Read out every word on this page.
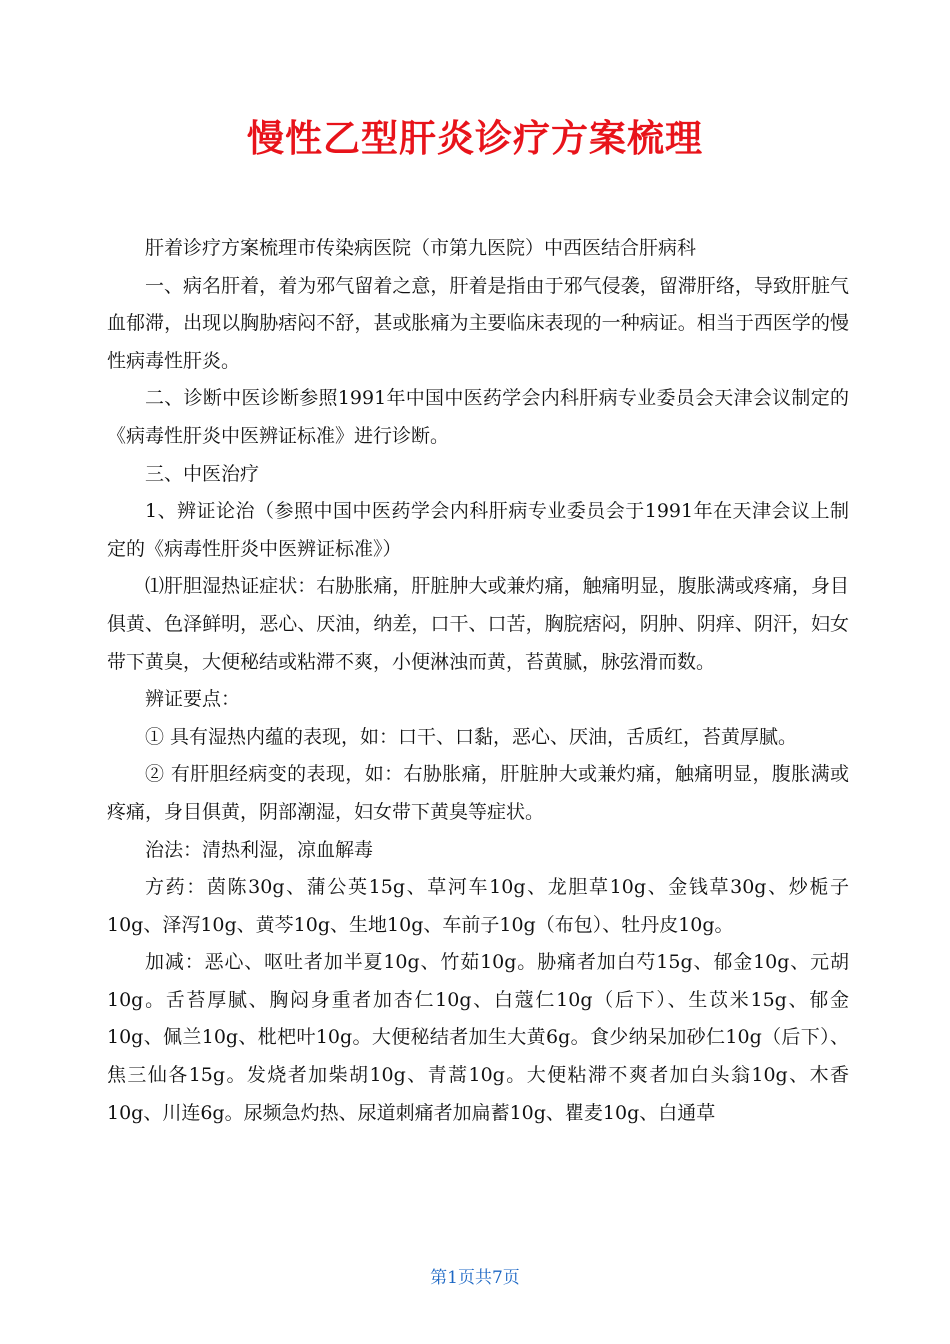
慢性乙型肝炎诊疗方案梳理

肝着诊疗方案梳理市传染病医院（市第九医院）中西医结合肝病科

一、病名肝着，着为邪气留着之意，肝着是指由于邪气侵袭，留滞肝络，导致肝脏气血郁滞，出现以胸胁痞闷不舒，甚或胀痛为主要临床表现的一种病证。相当于西医学的慢性病毒性肝炎。

二、诊断中医诊断参照1991年中国中医药学会内科肝病专业委员会天津会议制定的《病毒性肝炎中医辨证标准》进行诊断。

三、中医治疗

1、辨证论治（参照中国中医药学会内科肝病专业委员会于1991年在天津会议上制定的《病毒性肝炎中医辨证标准》）

⑴肝胆湿热证症状：右胁胀痛，肝脏肿大或兼灼痛，触痛明显，腹胀满或疼痛，身目俱黄、色泽鲜明，恶心、厌油，纳差，口干、口苦，胸脘痞闷，阴肿、阴痒、阴汗，妇女带下黄臭，大便秘结或粘滞不爽，小便淋浊而黄，苔黄腻，脉弦滑而数。

辨证要点：

① 具有湿热内蕴的表现，如：口干、口黏，恶心、厌油，舌质红，苔黄厚腻。

② 有肝胆经病变的表现，如：右胁胀痛，肝脏肿大或兼灼痛，触痛明显，腹胀满或疼痛，身目俱黄，阴部潮湿，妇女带下黄臭等症状。

治法：清热利湿，凉血解毒

方药：茵陈30g、蒲公英15g、草河车10g、龙胆草10g、金钱草30g、炒栀子10g、泽泻10g、黄芩10g、生地10g、车前子10g（布包）、牡丹皮10g。

加减：恶心、呕吐者加半夏10g、竹茹10g。胁痛者加白芍15g、郁金10g、元胡10g。舌苔厚腻、胸闷身重者加杏仁10g、白蔻仁10g（后下）、生苡米15g、郁金10g、佩兰10g、枇杷叶10g。大便秘结者加生大黄6g。食少纳呆加砂仁10g（后下）、焦三仙各15g。发烧者加柴胡10g、青蒿10g。大便粘滞不爽者加白头翁10g、木香10g、川连6g。尿频急灼热、尿道刺痛者加扁蓄10g、瞿麦10g、白通草

第1页共7页
